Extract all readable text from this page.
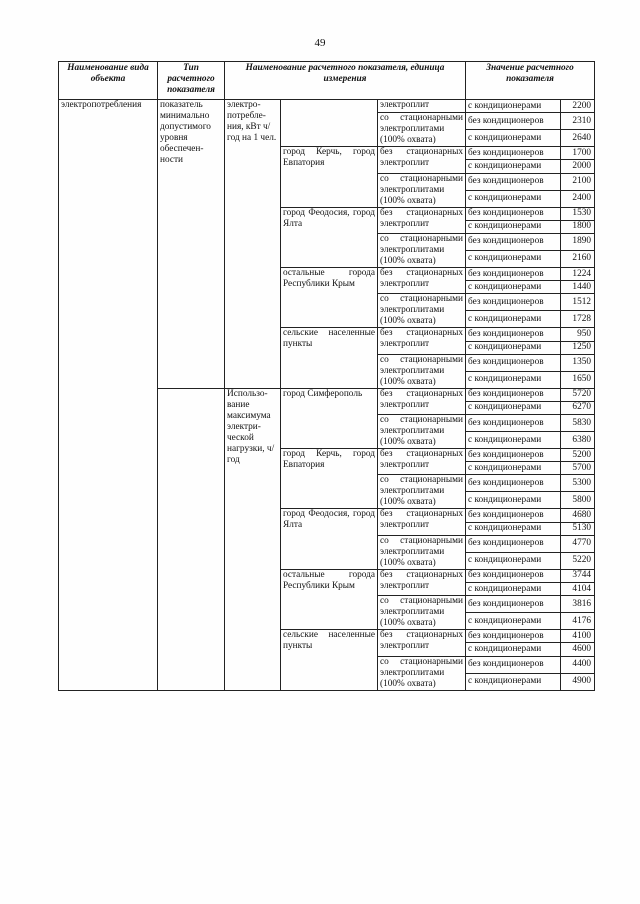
49
Наименование вида объекта	Тип расчетного показателя	Наименование расчетного показателя, единица измерения			Значение расчетного показателя	
электропотребления	показатель минимально допустимого уровня обеспечен-ности	электро-потребле-ния, кВт ч/год на 1 чел.		электроплит	с кондиционерами	2200
				со стационарными электроплитами (100% охвата)	без кондиционеров	2310
					с кондиционерами	2640
			город Керчь, город Евпатория	без стационарных электроплит	без кондиционеров	1700
					с кондиционерами	2000
				со стационарными электроплитами (100% охвата)	без кондиционеров	2100
					с кондиционерами	2400
			город Феодосия, город Ялта	без стационарных электроплит	без кондиционеров	1530
					с кондиционерами	1800
				со стационарными электроплитами (100% охвата)	без кондиционеров	1890
					с кондиционерами	2160
			остальные города Республики Крым	без стационарных электроплит	без кондиционеров	1224
					с кондиционерами	1440
				со стационарными электроплитами (100% охвата)	без кондиционеров	1512
					с кондиционерами	1728
			сельские населенные пункты	без стационарных электроплит	без кондиционеров	950
					с кондиционерами	1250
				со стационарными электроплитами (100% охвата)	без кондиционеров	1350
					с кондиционерами	1650
		Использо-вание максимума электри-ческой нагрузки, ч/год	город Симферополь	без стационарных электроплит	без кондиционеров	5720
					с кондиционерами	6270
				со стационарными электроплитами (100% охвата)	без кондиционеров	5830
					с кондиционерами	6380
			город Керчь, город Евпатория	без стационарных электроплит	без кондиционеров	5200
					с кондиционерами	5700
				со стационарными электроплитами (100% охвата)	без кондиционеров	5300
					с кондиционерами	5800
			город Феодосия, город Ялта	без стационарных электроплит	без кондиционеров	4680
					с кондиционерами	5130
				со стационарными электроплитами (100% охвата)	без кондиционеров	4770
					с кондиционерами	5220
			остальные города Республики Крым	без стационарных электроплит	без кондиционеров	3744
					с кондиционерами	4104
				со стационарными электроплитами (100% охвата)	без кондиционеров	3816
					с кондиционерами	4176
			сельские населенные пункты	без стационарных электроплит	без кондиционеров	4100
					с кондиционерами	4600
				со стационарными электроплитами (100% охвата)	без кондиционеров	4400
					с кондиционерами	4900
